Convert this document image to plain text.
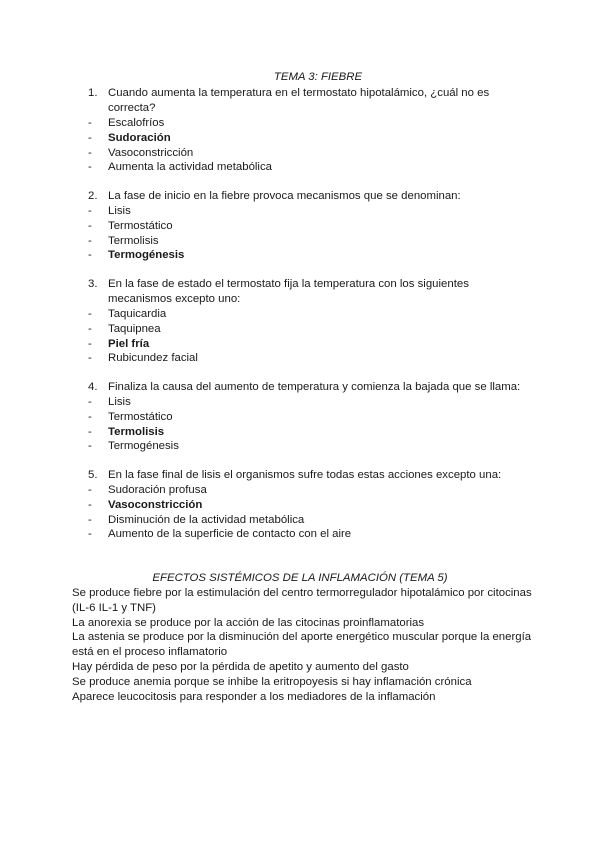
TEMA 3: FIEBRE
1. Cuando aumenta la temperatura en el termostato hipotalámico, ¿cuál no es correcta?
- Escalofríos
- Sudoración
- Vasoconstricción
- Aumenta la actividad metabólica
2. La fase de inicio en la fiebre provoca mecanismos que se denominan:
- Lisis
- Termostático
- Termolisis
- Termogénesis
3. En la fase de estado el termostato fija la temperatura con los siguientes mecanismos excepto uno:
- Taquicardia
- Taquipnea
- Piel fría
- Rubicundez facial
4. Finaliza la causa del aumento de temperatura y comienza la bajada que se llama:
- Lisis
- Termostático
- Termolisis
- Termogénesis
5. En la fase final de lisis el organismos sufre todas estas acciones excepto una:
- Sudoración profusa
- Vasoconstricción
- Disminución de la actividad metabólica
- Aumento de la superficie de contacto con el aire
EFECTOS SISTÉMICOS DE LA INFLAMACIÓN (TEMA 5)
Se produce fiebre por la estimulación del centro termorregulador hipotalámico por citocinas
(IL-6 IL-1 y TNF)
La anorexia se produce por la acción de las citocinas proinflamatorias
La astenia se produce por la disminución del aporte energético muscular porque la energía
está en el proceso inflamatorio
Hay pérdida de peso por la pérdida de apetito y aumento del gasto
Se produce anemia porque se inhibe la eritropoyesis si hay inflamación crónica
Aparece leucocitosis para responder a los mediadores de la inflamación
